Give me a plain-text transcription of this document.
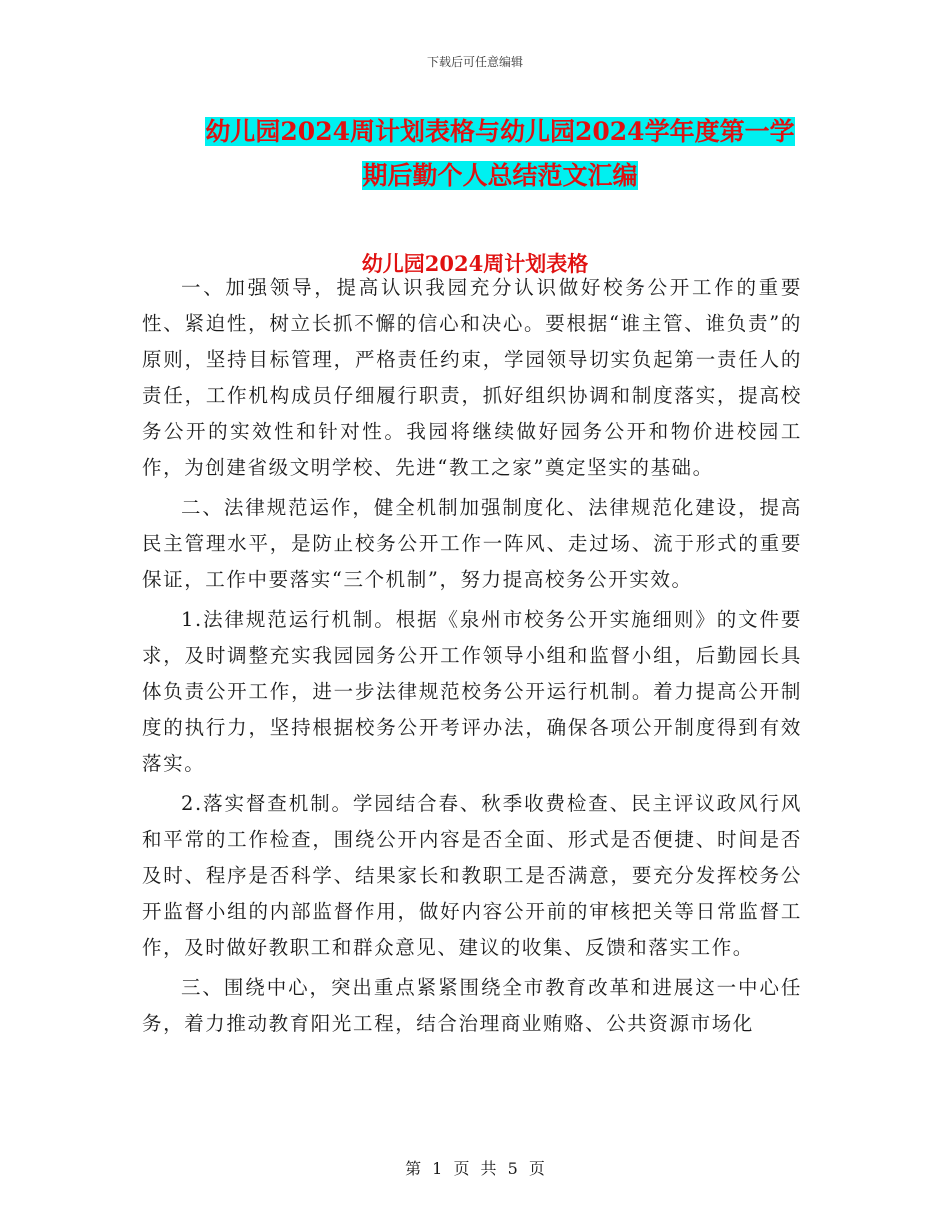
下载后可任意编辑
幼儿园2024周计划表格与幼儿园2024学年度第一学
期后勤个人总结范文汇编
幼儿园2024周计划表格

一、加强领导，提高认识我园充分认识做好校务公开工作的重要性、紧迫性，树立长抓不懈的信心和决心。要根据“谁主管、谁负责”的原则，坚持目标管理，严格责任约束，学园领导切实负起第一责任人的责任，工作机构成员仔细履行职责，抓好组织协调和制度落实，提高校务公开的实效性和针对性。我园将继续做好园务公开和物价进校园工作，为创建省级文明学校、先进“教工之家”奠定坚实的基础。

二、法律规范运作，健全机制加强制度化、法律规范化建设，提高民主管理水平，是防止校务公开工作一阵风、走过场、流于形式的重要保证，工作中要落实“三个机制”，努力提高校务公开实效。

1.法律规范运行机制。根据《泉州市校务公开实施细则》的文件要求，及时调整充实我园园务公开工作领导小组和监督小组，后勤园长具体负责公开工作，进一步法律规范校务公开运行机制。着力提高公开制度的执行力，坚持根据校务公开考评办法，确保各项公开制度得到有效落实。

2.落实督查机制。学园结合春、秋季收费检查、民主评议政风行风和平常的工作检查，围绕公开内容是否全面、形式是否便捷、时间是否及时、程序是否科学、结果家长和教职工是否满意，要充分发挥校务公开监督小组的内部监督作用，做好内容公开前的审核把关等日常监督工作，及时做好教职工和群众意见、建议的收集、反馈和落实工作。

三、围绕中心，突出重点紧紧围绕全市教育改革和进展这一中心任务，着力推动教育阳光工程，结合治理商业贿赂、公共资源市场化

第 1 页 共 5 页
